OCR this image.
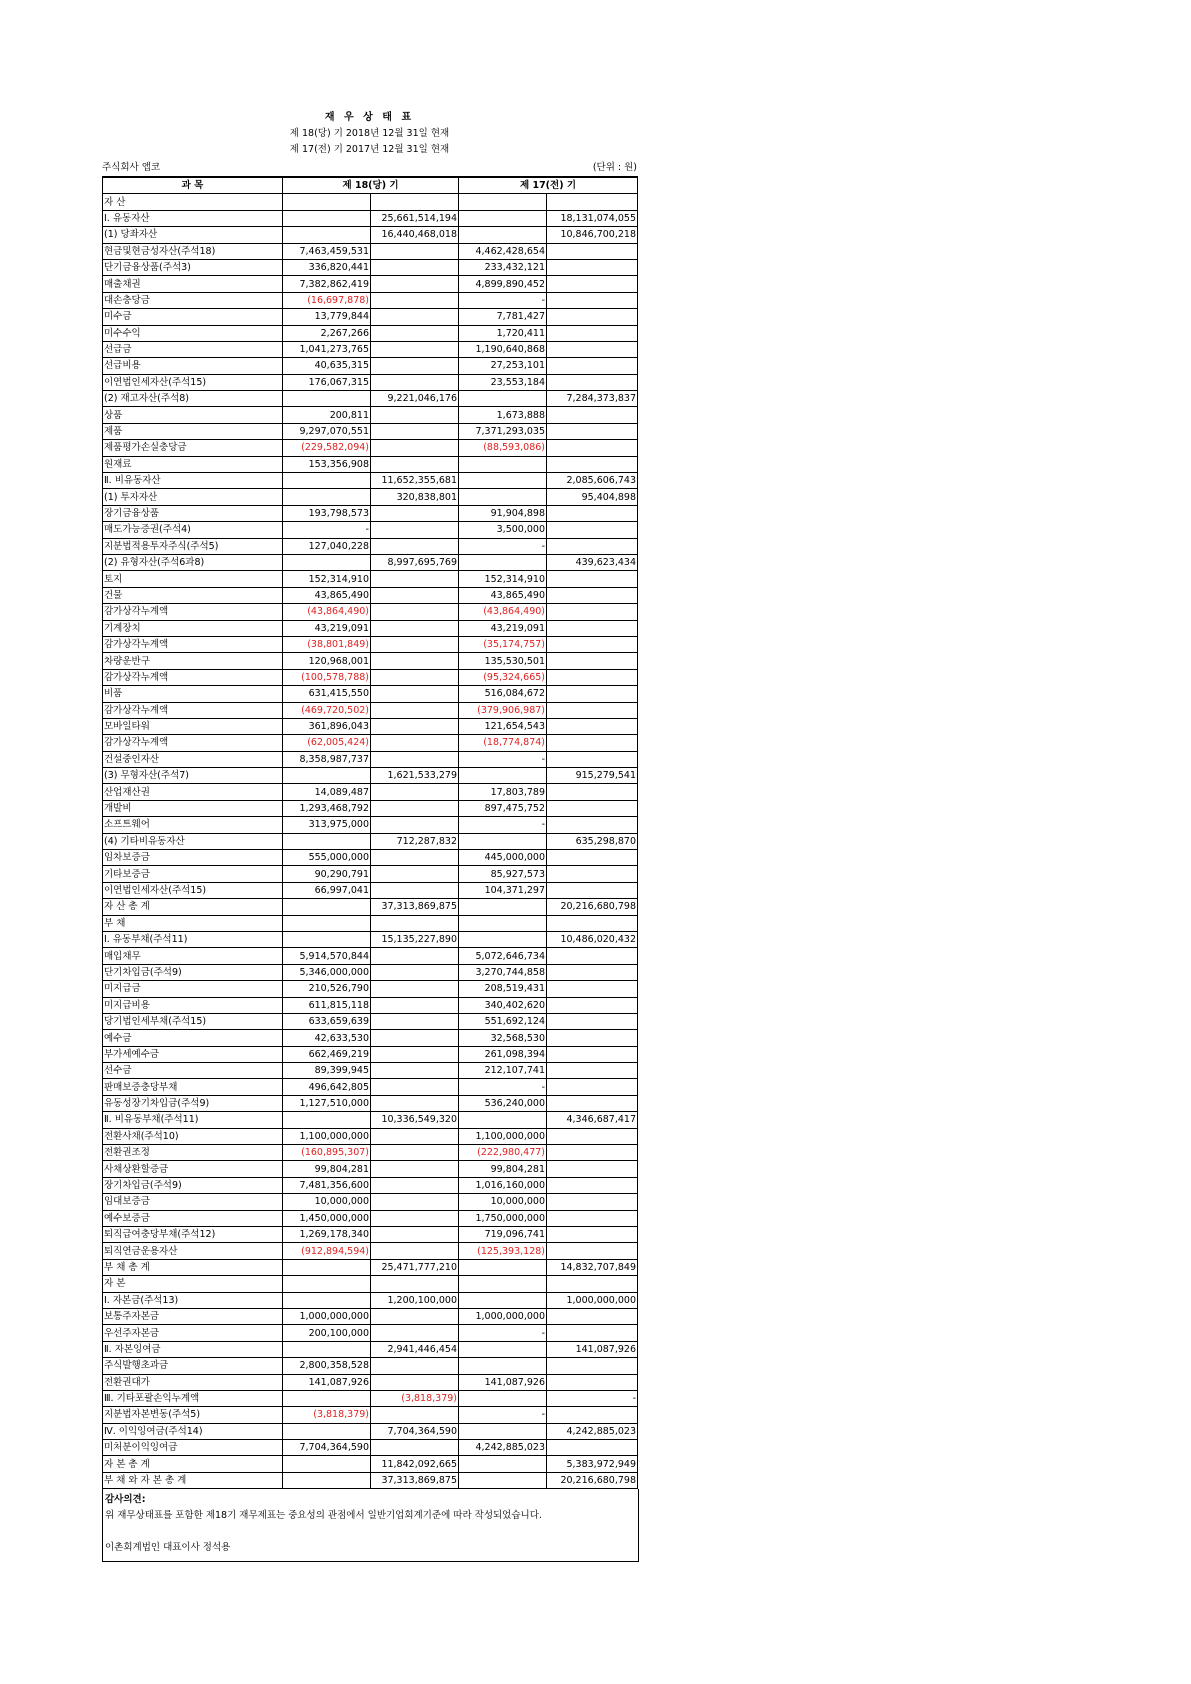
재 우 상 태 표
제 18(당) 기 2018년 12월 31일 현재
제 17(전) 기 2017년 12월 31일 현재
주식회사 앱코	(단위 : 원)
과 목	제 18(당) 기		제 17(전) 기	
자 산				
Ⅰ. 유동자산		25,661,514,194		18,131,074,055
(1) 당좌자산		16,440,468,018		10,846,700,218
현금및현금성자산(주석18)	7,463,459,531		4,462,428,654	
단기금융상품(주석3)	336,820,441		233,432,121	
매출채권	7,382,862,419		4,899,890,452	
대손충당금	(16,697,878)		-	
미수금	13,779,844		7,781,427	
미수수익	2,267,266		1,720,411	
선급금	1,041,273,765		1,190,640,868	
선급비용	40,635,315		27,253,101	
이연법인세자산(주석15)	176,067,315		23,553,184	
(2) 재고자산(주석8)		9,221,046,176		7,284,373,837
상품	200,811		1,673,888	
제품	9,297,070,551		7,371,293,035	
제품평가손실충당금	(229,582,094)		(88,593,086)	
원재료	153,356,908			
Ⅱ. 비유동자산		11,652,355,681		2,085,606,743
(1) 투자자산		320,838,801		95,404,898
장기금융상품	193,798,573		91,904,898	
매도가능증권(주석4)	-		3,500,000	
지분법적용투자주식(주석5)	127,040,228		-	
(2) 유형자산(주석6과8)		8,997,695,769		439,623,434
토지	152,314,910		152,314,910	
건물	43,865,490		43,865,490	
감가상각누계액	(43,864,490)		(43,864,490)	
기계장치	43,219,091		43,219,091	
감가상각누계액	(38,801,849)		(35,174,757)	
차량운반구	120,968,001		135,530,501	
감가상각누계액	(100,578,788)		(95,324,665)	
비품	631,415,550		516,084,672	
감가상각누계액	(469,720,502)		(379,906,987)	
모바일타워	361,896,043		121,654,543	
감가상각누계액	(62,005,424)		(18,774,874)	
건설중인자산	8,358,987,737		-	
(3) 무형자산(주석7)		1,621,533,279		915,279,541
산업재산권	14,089,487		17,803,789	
개발비	1,293,468,792		897,475,752	
소프트웨어	313,975,000		-	
(4) 기타비유동자산		712,287,832		635,298,870
임차보증금	555,000,000		445,000,000	
기타보증금	90,290,791		85,927,573	
이연법인세자산(주석15)	66,997,041		104,371,297	
자 산 총 계		37,313,869,875		20,216,680,798
부 채				
Ⅰ. 유동부채(주석11)		15,135,227,890		10,486,020,432
매입채무	5,914,570,844		5,072,646,734	
단기차입금(주석9)	5,346,000,000		3,270,744,858	
미지급금	210,526,790		208,519,431	
미지급비용	611,815,118		340,402,620	
당기법인세부채(주석15)	633,659,639		551,692,124	
예수금	42,633,530		32,568,530	
부가세예수금	662,469,219		261,098,394	
선수금	89,399,945		212,107,741	
판매보증충당부채	496,642,805		-	
유동성장기차입금(주석9)	1,127,510,000		536,240,000	
Ⅱ. 비유동부채(주석11)		10,336,549,320		4,346,687,417
전환사채(주석10)	1,100,000,000		1,100,000,000	
전환권조정	(160,895,307)		(222,980,477)	
사채상환할증금	99,804,281		99,804,281	
장기차입금(주석9)	7,481,356,600		1,016,160,000	
임대보증금	10,000,000		10,000,000	
예수보증금	1,450,000,000		1,750,000,000	
퇴직급여충당부채(주석12)	1,269,178,340		719,096,741	
퇴직연금운용자산	(912,894,594)		(125,393,128)	
부 채 총 계		25,471,777,210		14,832,707,849
자 본				
Ⅰ. 자본금(주석13)		1,200,100,000		1,000,000,000
보통주자본금	1,000,000,000		1,000,000,000	
우선주자본금	200,100,000		-	
Ⅱ. 자본잉여금		2,941,446,454		141,087,926
주식발행초과금	2,800,358,528			
전환권대가	141,087,926		141,087,926	
Ⅲ. 기타포괄손익누계액		(3,818,379)		-
지분법자본변동(주석5)	(3,818,379)		-	
Ⅳ. 이익잉여금(주석14)		7,704,364,590		4,242,885,023
미처분이익잉여금	7,704,364,590		4,242,885,023	
자 본 총 계		11,842,092,665		5,383,972,949
부 채 와 자 본 총 계		37,313,869,875		20,216,680,798
감사의견:
위 재무상태표를 포함한 제18기 재무제표는 중요성의 관점에서 일반기업회계기준에 따라 작성되었습니다.
이촌회계법인 대표이사 정석용
